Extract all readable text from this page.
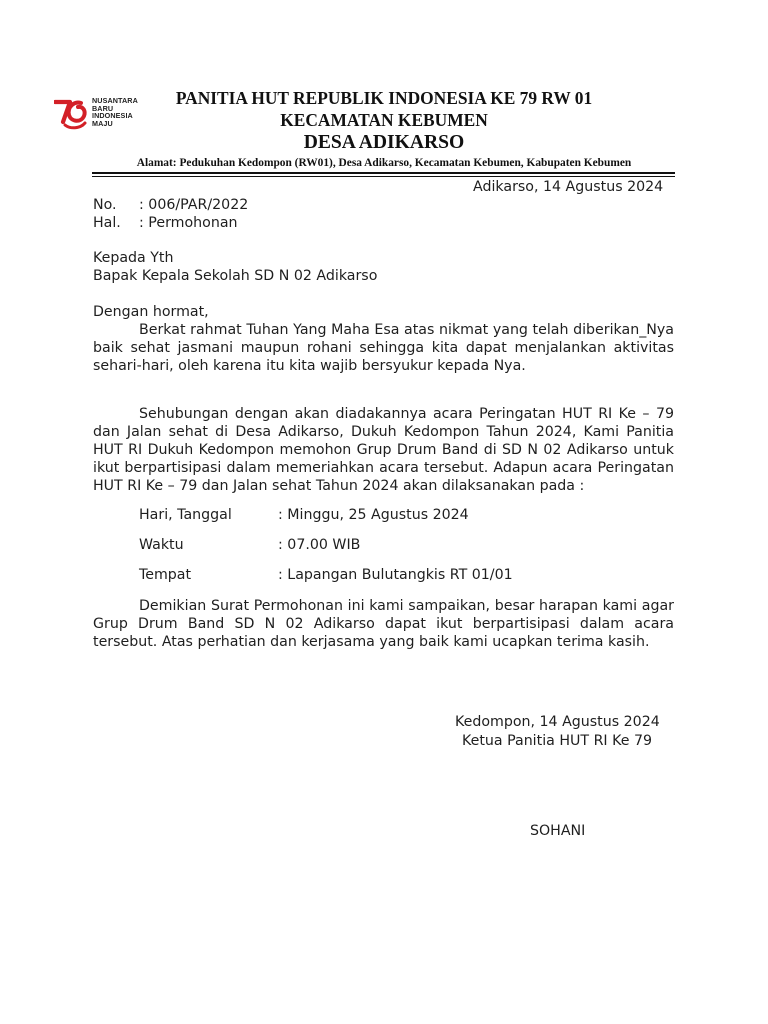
NUSANTARA
BARU
INDONESIA
MAJU
PANITIA HUT REPUBLIK INDONESIA KE 79 RW 01
KECAMATAN KEBUMEN
DESA ADIKARSO
Alamat: Pedukuhan Kedompon (RW01), Desa Adikarso, Kecamatan Kebumen, Kabupaten Kebumen
Adikarso, 14 Agustus 2024
No. : 006/PAR/2022
Hal. : Permohonan
Kepada Yth
Bapak Kepala Sekolah SD N 02 Adikarso
Dengan hormat,
Berkat rahmat Tuhan Yang Maha Esa atas nikmat yang telah diberikan_Nya baik sehat jasmani maupun rohani sehingga kita dapat menjalankan aktivitas sehari-hari, oleh karena itu kita wajib bersyukur kepada Nya.
Sehubungan dengan akan diadakannya acara Peringatan HUT RI Ke – 79 dan Jalan sehat di Desa Adikarso, Dukuh Kedompon Tahun 2024, Kami Panitia HUT RI Dukuh Kedompon memohon Grup Drum Band di SD N 02 Adikarso untuk ikut berpartisipasi dalam memeriahkan acara tersebut. Adapun acara Peringatan HUT RI Ke – 79 dan Jalan sehat Tahun 2024 akan dilaksanakan pada :
Hari, Tanggal	: Minggu, 25 Agustus 2024
Waktu	: 07.00 WIB
Tempat	: Lapangan Bulutangkis RT 01/01
Demikian Surat Permohonan ini kami sampaikan, besar harapan kami agar Grup Drum Band SD N 02 Adikarso dapat ikut berpartisipasi dalam acara tersebut. Atas perhatian dan kerjasama yang baik kami ucapkan terima kasih.
Kedompon, 14 Agustus 2024
Ketua Panitia HUT RI Ke 79
SOHANI
